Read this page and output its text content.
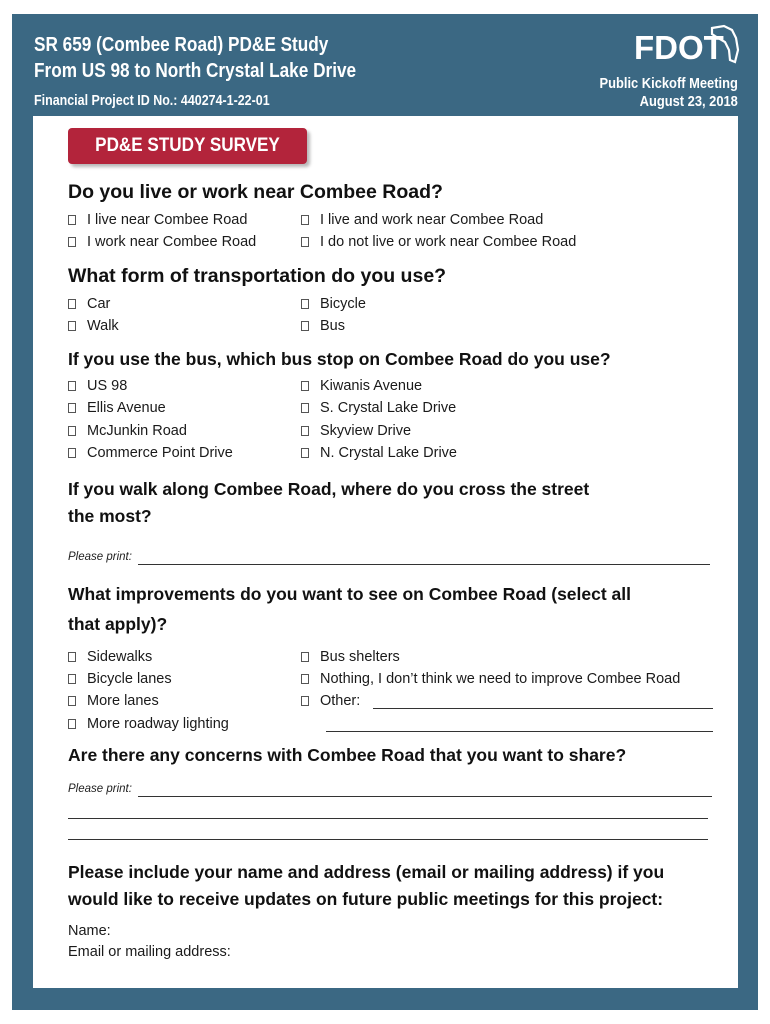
SR 659 (Combee Road) PD&E Study
From US 98 to North Crystal Lake Drive
Financial Project ID No.: 440274-1-22-01
FDOT
Public Kickoff Meeting
August 23, 2018
PD&E STUDY SURVEY
Do you live or work near Combee Road?
I live near Combee Road	I live and work near Combee Road
I work near Combee Road	I do not live or work near Combee Road
What form of transportation do you use?
Car	Bicycle
Walk	Bus
If you use the bus, which bus stop on Combee Road do you use?
US 98	Kiwanis Avenue
Ellis Avenue	S. Crystal Lake Drive
McJunkin Road	Skyview Drive
Commerce Point Drive	N. Crystal Lake Drive
If you walk along Combee Road, where do you cross the street
the most?
Please print:
What improvements do you want to see on Combee Road (select all
that apply)?
Sidewalks	Bus shelters
Bicycle lanes	Nothing, I don’t think we need to improve Combee Road
More lanes	Other:
More roadway lighting
Are there any concerns with Combee Road that you want to share?
Please print:
Please include your name and address (email or mailing address) if you
would like to receive updates on future public meetings for this project:
Name:
Email or mailing address:
